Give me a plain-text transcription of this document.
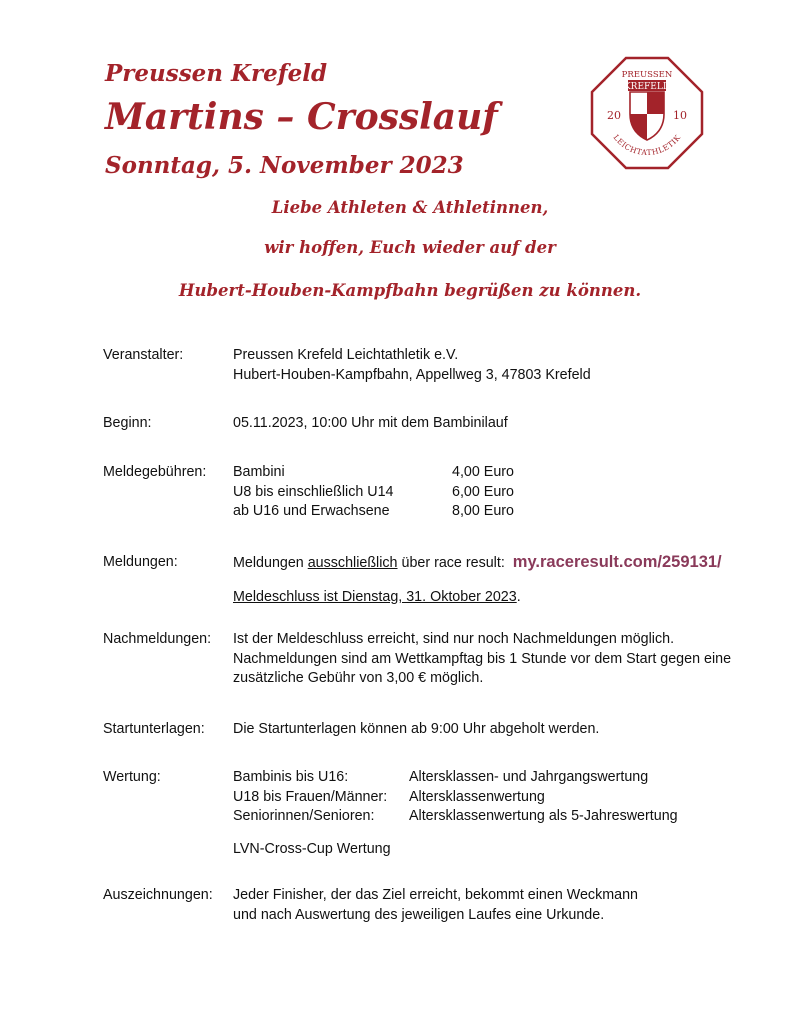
Preussen Krefeld
Martins – Crosslauf
Sonntag, 5. November 2023
PREUSSEN
KREFELD
20	10
LEICHTATHLETIK

Liebe Athleten & Athletinnen,

wir hoffen, Euch wieder auf der

Hubert-Houben-Kampfbahn begrüßen zu können.

Veranstalter:	Preussen Krefeld Leichtathletik e.V.
Hubert-Houben-Kampfbahn, Appellweg 3, 47803 Krefeld
Beginn:	05.11.2023, 10:00 Uhr mit dem Bambinilauf
Meldegebühren:	Bambini	4,00 Euro
U8 bis einschließlich U14	6,00 Euro
ab U16 und Erwachsene	8,00 Euro
Meldungen:	Meldungen ausschließlich über race result: my.raceresult.com/259131/
Meldeschluss ist Dienstag, 31. Oktober 2023.
Nachmeldungen:	Ist der Meldeschluss erreicht, sind nur noch Nachmeldungen möglich.
Nachmeldungen sind am Wettkampftag bis 1 Stunde vor dem Start gegen eine
zusätzliche Gebühr von 3,00 € möglich.
Startunterlagen:	Die Startunterlagen können ab 9:00 Uhr abgeholt werden.
Wertung:	Bambinis bis U16:	Altersklassen- und Jahrgangswertung
U18 bis Frauen/Männer: Altersklassenwertung
Seniorinnen/Senioren: Altersklassenwertung als 5-Jahreswertung
LVN-Cross-Cup Wertung
Auszeichnungen:	Jeder Finisher, der das Ziel erreicht, bekommt einen Weckmann
und nach Auswertung des jeweiligen Laufes eine Urkunde.
